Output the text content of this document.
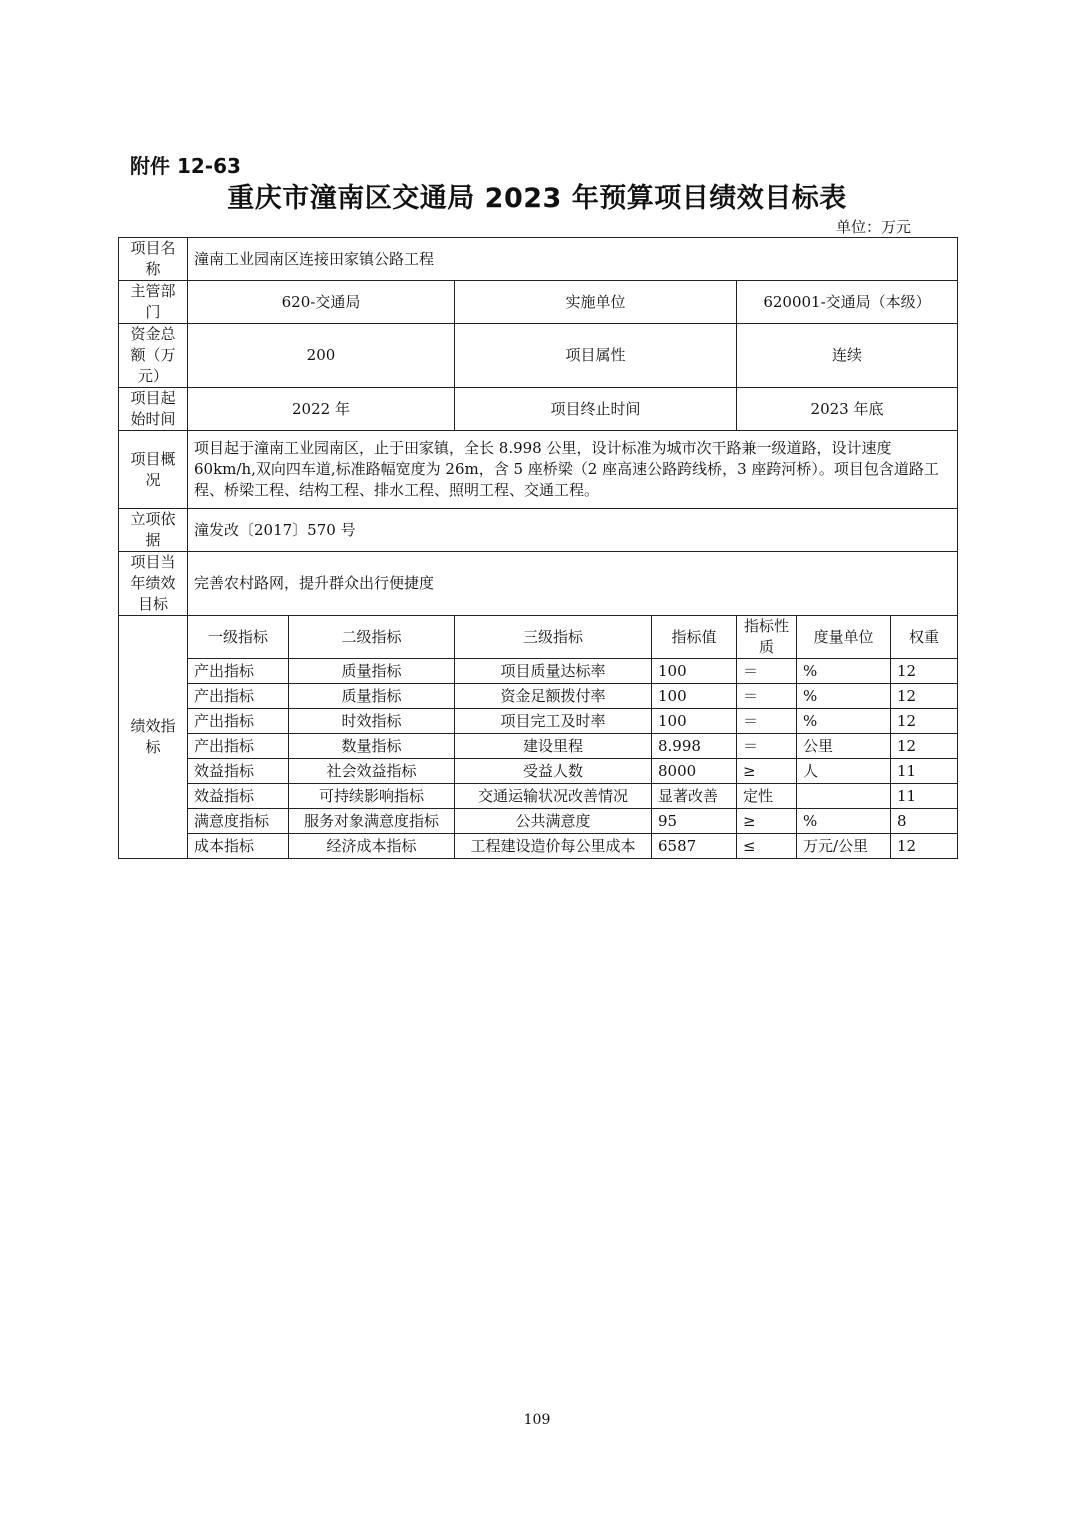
附件 12-63
重庆市潼南区交通局 2023 年预算项目绩效目标表
单位：万元
项目名称	潼南工业园南区连接田家镇公路工程						
主管部门	620-交通局		实施单位		620001-交通局（本级）		
资金总额（万元）	200		项目属性		连续		
项目起始时间	2022 年		项目终止时间		2023 年底		
项目概况	项目起于潼南工业园南区，止于田家镇，全长 8.998 公里，设计标准为城市次干路兼一级道路，设计速度 60km/h,双向四车道,标准路幅宽度为 26m，含 5 座桥梁（2 座高速公路跨线桥，3 座跨河桥）。项目包含道路工程、桥梁工程、结构工程、排水工程、照明工程、交通工程。						
立项依据	潼发改〔2017〕570 号						
项目当年绩效目标	完善农村路网，提升群众出行便捷度						
绩效指标	一级指标	二级指标	三级指标	指标值	指标性质	度量单位	权重
	产出指标	质量指标	项目质量达标率	100	＝	%	12
	产出指标	质量指标	资金足额拨付率	100	＝	%	12
	产出指标	时效指标	项目完工及时率	100	＝	%	12
	产出指标	数量指标	建设里程	8.998	＝	公里	12
	效益指标	社会效益指标	受益人数	8000	≥	人	11
	效益指标	可持续影响指标	交通运输状况改善情况	显著改善	定性		11
	满意度指标	服务对象满意度指标	公共满意度	95	≥	%	8
	成本指标	经济成本指标	工程建设造价每公里成本	6587	≤	万元/公里	12
109
